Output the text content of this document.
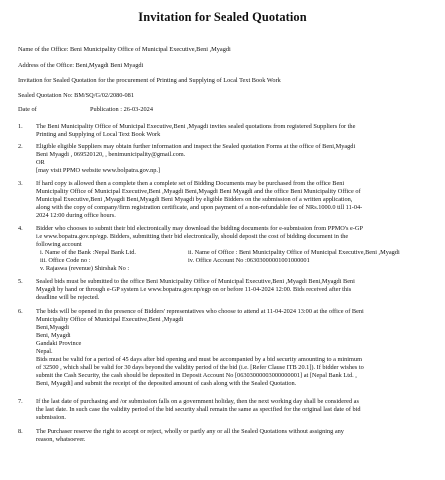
Invitation for Sealed Quotation
Name of the Office: Beni Municipality Office of Municipal Executive,Beni ,Myagdi
Address of the Office: Beni,Myagdi Beni Myagdi
Invitation for Sealed Quotation for the procurement of Printing and Supplying of Local Text Book Work
Sealed Quotation No: BM/SQ/G/02/2080-081
Date of	Publication : 26-03-2024
1.	The Beni Municipality Office of Municipal Executive,Beni ,Myagdi invites sealed quotations from registered Suppliers for the
Printing and Supplying of Local Text Book Work
2.	Eligible eligible Suppliers may obtain further information and inspect the Sealed quotation Forms at the office of Beni,Myagdi
Beni Myagdi , 069520120, , benimunicipality@gmail.com.
OR
[may visit PPMO website www.bolpatra.gov.np.]
3.	If hard copy is allowed then a complete then a complete set of Bidding Documents may be purchased from the office Beni
Municipality Office of Municipal Executive,Beni ,Myagdi Beni,Myagdi Beni Myagdi and the office Beni Municipality Office of
Municipal Executive,Beni ,Myagdi Beni,Myagdi Beni Myagdi by eligible Bidders on the submission of a written application,
along with the copy of company/firm registration certificate, and upon payment of a non-refundable fee of NRs.1000.0 till 11-04-
2024 12:00 during office hours.
4.	Bidder who chooses to submit their bid electronically may download the bidding documents for e-submission from PPMO's e-GP
i.e www.bopatra.gov.np/egp. Bidders, submitting their bid electronically, should deposit the cost of bidding document in the
following account
i. Name of the Bank :Nepal Bank Ltd.	ii. Name of Office : Beni Municipality Office of Municipal Executive,Beni ,Myagdi
iii. Office Code no :	iv. Office Account No :06303000001001000001
v. Rajaswa (revenue) Shirshak No :
5.	Sealed bids must be submitted to the office Beni Municipality Office of Municipal Executive,Beni ,Myagdi Beni,Myagdi Beni
Myagdi by hand or through e-GP system i.e www.bopatra.gov.np/egp on or before 11-04-2024 12:00. Bids received after this
deadline will be rejected.
6.	The bids will be opened in the presence of Bidders' representatives who choose to attend at 11-04-2024 13:00 at the office of Beni
Municipality Office of Municipal Executive,Beni ,Myagdi
Beni,Myagdi
Beni, Myagdi
Gandaki Province
Nepal.
Bids must be valid for a period of 45 days after bid opening and must be accompanied by a bid security amounting to a minimum
of 32500 , which shall be valid for 30 days beyond the validity period of the bid (i.e. [Refer Clause ITB 20.1]). If bidder wishes to
submit the Cash Security, the cash should be deposited in Deposit Account No [06303000003000000001] at [Nepal Bank Ltd. ,
Beni, Myagdi] and submit the receipt of the deposited amount of cash along with the Sealed Quotation.
7.	If the last date of purchasing and /or submission falls on a government holiday, then the next working day shall be considered as
the last date. In such case the validity period of the bid security shall remain the same as specified for the original last date of bid
submission.
8.	The Purchaser reserve the right to accept or reject, wholly or partly any or all the Sealed Quotations without assigning any
reason, whatsoever.
